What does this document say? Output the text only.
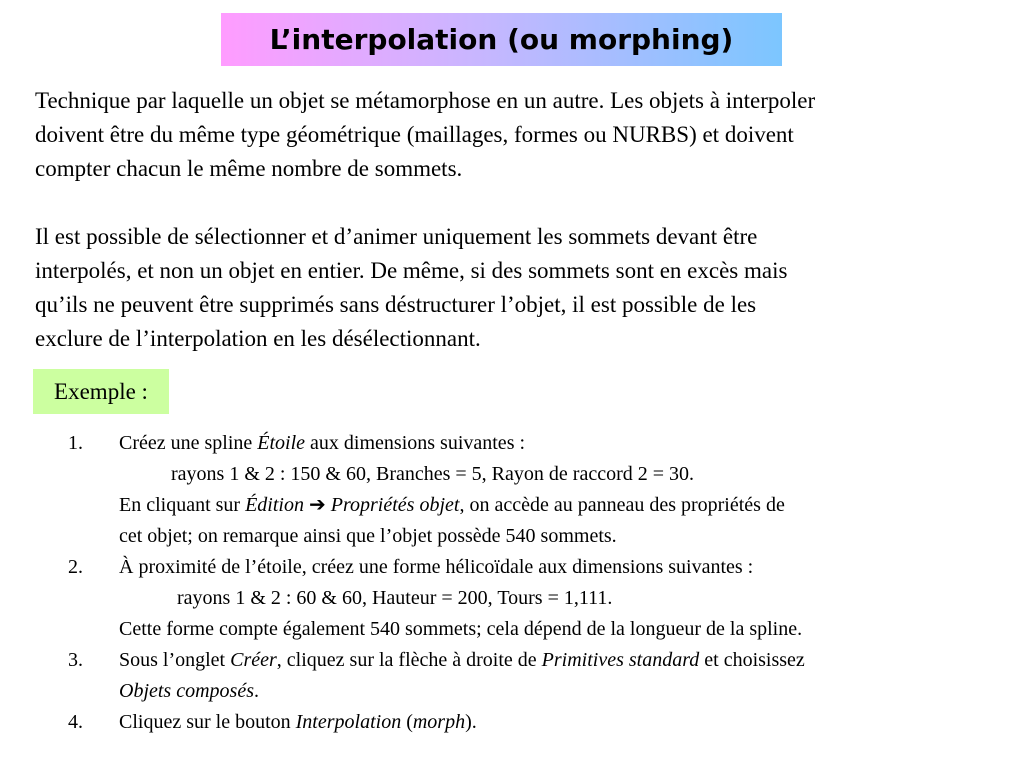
L’interpolation (ou morphing)
Technique par laquelle un objet se métamorphose en un autre. Les objets à interpoler
doivent être du même type géométrique (maillages, formes ou NURBS) et doivent
compter chacun le même nombre de sommets.
Il est possible de sélectionner et d’animer uniquement les sommets devant être
interpolés, et non un objet en entier. De même, si des sommets sont en excès mais
qu’ils ne peuvent être supprimés sans déstructurer l’objet, il est possible de les
exclure de l’interpolation en les désélectionnant.
Exemple :
1. Créez une spline Étoile aux dimensions suivantes :
rayons 1 & 2 : 150 & 60, Branches = 5, Rayon de raccord 2 = 30.
En cliquant sur Édition ➔ Propriétés objet, on accède au panneau des propriétés de
cet objet; on remarque ainsi que l’objet possède 540 sommets.
2. À proximité de l’étoile, créez une forme hélicoïdale aux dimensions suivantes :
rayons 1 & 2 : 60 & 60, Hauteur = 200, Tours = 1,111.
Cette forme compte également 540 sommets; cela dépend de la longueur de la spline.
3. Sous l’onglet Créer, cliquez sur la flèche à droite de Primitives standard et choisissez
Objets composés.
4. Cliquez sur le bouton Interpolation (morph).
